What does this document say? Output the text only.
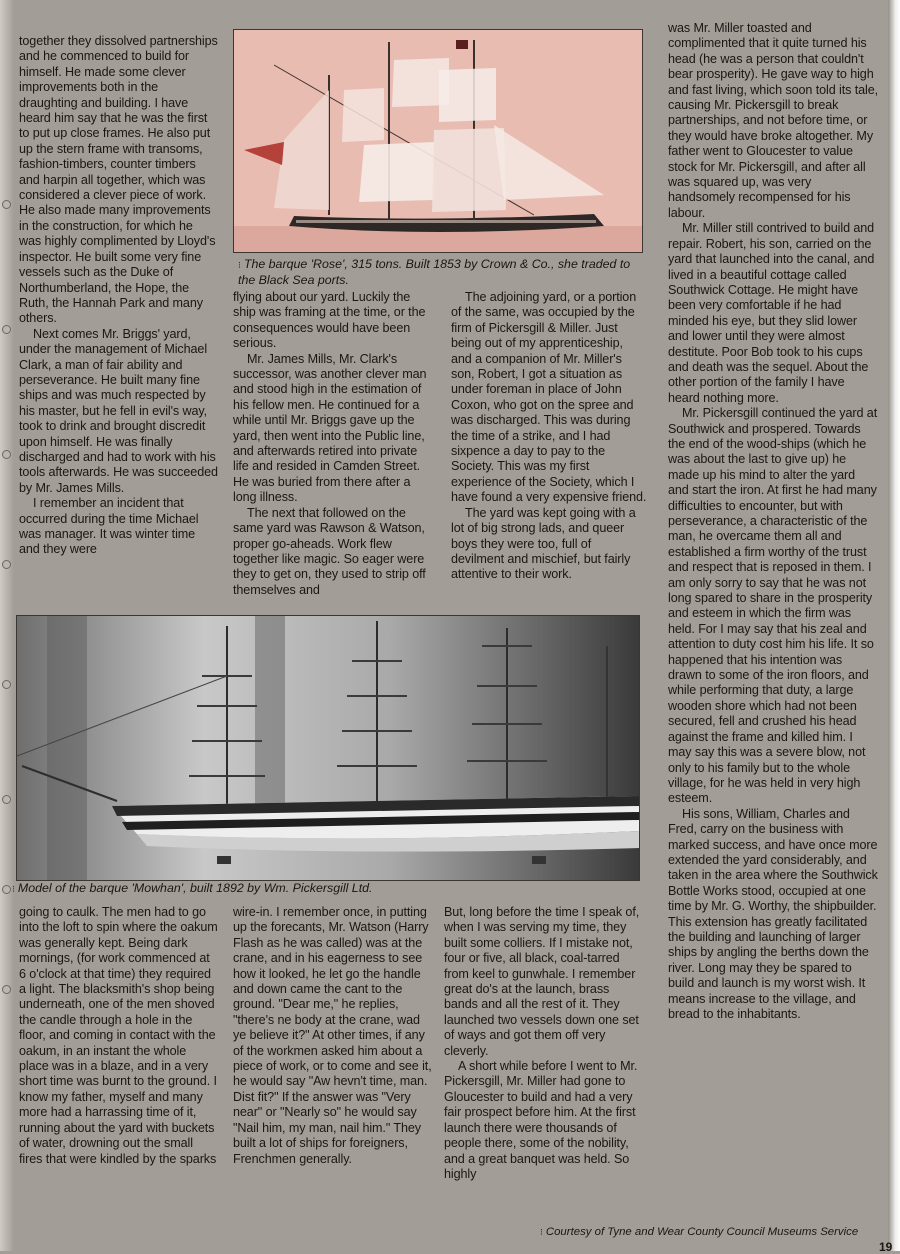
together they dissolved partnerships and he commenced to build for himself. He made some clever improvements both in the draughting and building. I have heard him say that he was the first to put up close frames. He also put up the stern frame with transoms, fashion-timbers, counter timbers and harpin all together, which was considered a clever piece of work. He also made many improvements in the construction, for which he was highly complimented by Lloyd's inspector. He built some very fine vessels such as the Duke of Northumberland, the Hope, the Ruth, the Hannah Park and many others.

Next comes Mr. Briggs' yard, under the management of Michael Clark, a man of fair ability and perseverance. He built many fine ships and was much respected by his master, but he fell in evil's way, took to drink and brought discredit upon himself. He was finally discharged and had to work with his tools afterwards. He was succeeded by Mr. James Mills.

I remember an incident that occurred during the time Michael was manager. It was winter time and they were

⁝ The barque 'Rose', 315 tons. Built 1853 by Crown & Co., she traded to the Black Sea ports.

flying about our yard. Luckily the ship was framing at the time, or the consequences would have been serious.

Mr. James Mills, Mr. Clark's successor, was another clever man and stood high in the estimation of his fellow men. He continued for a while until Mr. Briggs gave up the yard, then went into the Public line, and afterwards retired into private life and resided in Camden Street. He was buried from there after a long illness.

The next that followed on the same yard was Rawson & Watson, proper go-aheads. Work flew together like magic. So eager were they to get on, they used to strip off themselves and

The adjoining yard, or a portion of the same, was occupied by the firm of Pickersgill & Miller. Just being out of my apprenticeship, and a companion of Mr. Miller's son, Robert, I got a situation as under foreman in place of John Coxon, who got on the spree and was discharged. This was during the time of a strike, and I had sixpence a day to pay to the Society. This was my first experience of the Society, which I have found a very expensive friend.

The yard was kept going with a lot of big strong lads, and queer boys they were too, full of devilment and mischief, but fairly attentive to their work.

was Mr. Miller toasted and complimented that it quite turned his head (he was a person that couldn't bear prosperity). He gave way to high and fast living, which soon told its tale, causing Mr. Pickersgill to break partnerships, and not before time, or they would have broke altogether. My father went to Gloucester to value stock for Mr. Pickersgill, and after all was squared up, was very handsomely recompensed for his labour.

Mr. Miller still contrived to build and repair. Robert, his son, carried on the yard that launched into the canal, and lived in a beautiful cottage called Southwick Cottage. He might have been very comfortable if he had minded his eye, but they slid lower and lower until they were almost destitute. Poor Bob took to his cups and death was the sequel. About the other portion of the family I have heard nothing more.

Mr. Pickersgill continued the yard at Southwick and prospered. Towards the end of the wood-ships (which he was about the last to give up) he made up his mind to alter the yard and start the iron. At first he had many difficulties to encounter, but with perseverance, a characteristic of the man, he overcame them all and established a firm worthy of the trust and respect that is reposed in them. I am only sorry to say that he was not long spared to share in the prosperity and esteem in which the firm was held. For I may say that his zeal and attention to duty cost him his life. It so happened that his intention was drawn to some of the iron floors, and while performing that duty, a large wooden shore which had not been secured, fell and crushed his head against the frame and killed him. I may say this was a severe blow, not only to his family but to the whole village, for he was held in very high esteem.

His sons, William, Charles and Fred, carry on the business with marked success, and have once more extended the yard considerably, and taken in the area where the Southwick Bottle Works stood, occupied at one time by Mr. G. Worthy, the shipbuilder. This extension has greatly facilitated the building and launching of larger ships by angling the berths down the river. Long may they be spared to build and launch is my worst wish. It means increase to the village, and bread to the inhabitants.

⁝ Model of the barque 'Mowhan', built 1892 by Wm. Pickersgill Ltd.

going to caulk. The men had to go into the loft to spin where the oakum was generally kept. Being dark mornings, (for work commenced at 6 o'clock at that time) they required a light. The blacksmith's shop being underneath, one of the men shoved the candle through a hole in the floor, and coming in contact with the oakum, in an instant the whole place was in a blaze, and in a very short time was burnt to the ground. I know my father, myself and many more had a harrassing time of it, running about the yard with buckets of water, drowning out the small fires that were kindled by the sparks

wire-in. I remember once, in putting up the forecants, Mr. Watson (Harry Flash as he was called) was at the crane, and in his eagerness to see how it looked, he let go the handle and down came the cant to the ground. "Dear me," he replies, "there's ne body at the crane, wad ye believe it?" At other times, if any of the workmen asked him about a piece of work, or to come and see it, he would say "Aw hevn't time, man. Dist fit?" If the answer was "Very near" or "Nearly so" he would say "Nail him, my man, nail him." They built a lot of ships for foreigners, Frenchmen generally.

But, long before the time I speak of, when I was serving my time, they built some colliers. If I mistake not, four or five, all black, coal-tarred from keel to gunwhale. I remember great do's at the launch, brass bands and all the rest of it. They launched two vessels down one set of ways and got them off very cleverly.

A short while before I went to Mr. Pickersgill, Mr. Miller had gone to Gloucester to build and had a very fair prospect before him. At the first launch there were thousands of people there, some of the nobility, and a great banquet was held. So highly

⁝ Courtesy of Tyne and Wear County Council Museums Service
19
